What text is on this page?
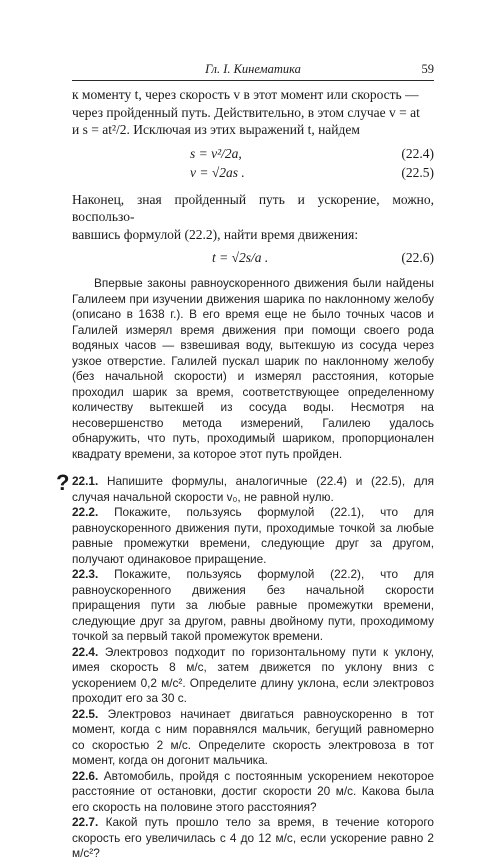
Гл. I. Кинематика	59

к моменту t, через скорость v в этот момент или скорость —

через пройденный путь. Действительно, в этом случае v = at

и s = at²/2. Исключая из этих выражений t, найдем

s = v²/2a,	(22.4)
v = √2as .	(22.5)

Наконец, зная пройденный путь и ускорение, можно, воспользо-

вавшись формулой (22.2), найти время движения:

t = √2s/a .	(22.6)

Впервые законы равноускоренного движения были найдены Галилеем при изучении движения шарика по наклонному желобу (описано в 1638 г.). В его время еще не было точных часов и Галилей измерял время движения при помощи своего рода водяных часов — взвешивая воду, вытекшую из сосуда через узкое отверстие. Галилей пускал шарик по наклонному желобу (без начальной скорости) и измерял расстояния, которые проходил шарик за время, соответствующее определенному количеству вытекшей из сосуда воды. Несмотря на несовершенство метода измерений, Галилею удалось обнаружить, что путь, проходимый шариком, пропорционален квадрату времени, за которое этот путь пройден.

? 22.1. Напишите формулы, аналогичные (22.4) и (22.5), для случая начальной скорости v₀, не равной нулю.

22.2. Покажите, пользуясь формулой (22.1), что для равноускоренного движения пути, проходимые точкой за любые равные промежутки времени, следующие друг за другом, получают одинаковое приращение.

22.3. Покажите, пользуясь формулой (22.2), что для равноускоренного движения без начальной скорости приращения пути за любые равные промежутки времени, следующие друг за другом, равны двойному пути, проходимому точкой за первый такой промежуток времени.

22.4. Электровоз подходит по горизонтальному пути к уклону, имея скорость 8 м/с, затем движется по уклону вниз с ускорением 0,2 м/с². Определите длину уклона, если электровоз проходит его за 30 с.

22.5. Электровоз начинает двигаться равноускоренно в тот момент, когда с ним поравнялся мальчик, бегущий равномерно со скоростью 2 м/с. Определите скорость электровоза в тот момент, когда он догонит мальчика.

22.6. Автомобиль, пройдя с постоянным ускорением некоторое расстояние от остановки, достиг скорости 20 м/с. Какова была его скорость на половине этого расстояния?

22.7. Какой путь прошло тело за время, в течение которого скорость его увеличилась с 4 до 12 м/с, если ускорение равно 2 м/с²?
